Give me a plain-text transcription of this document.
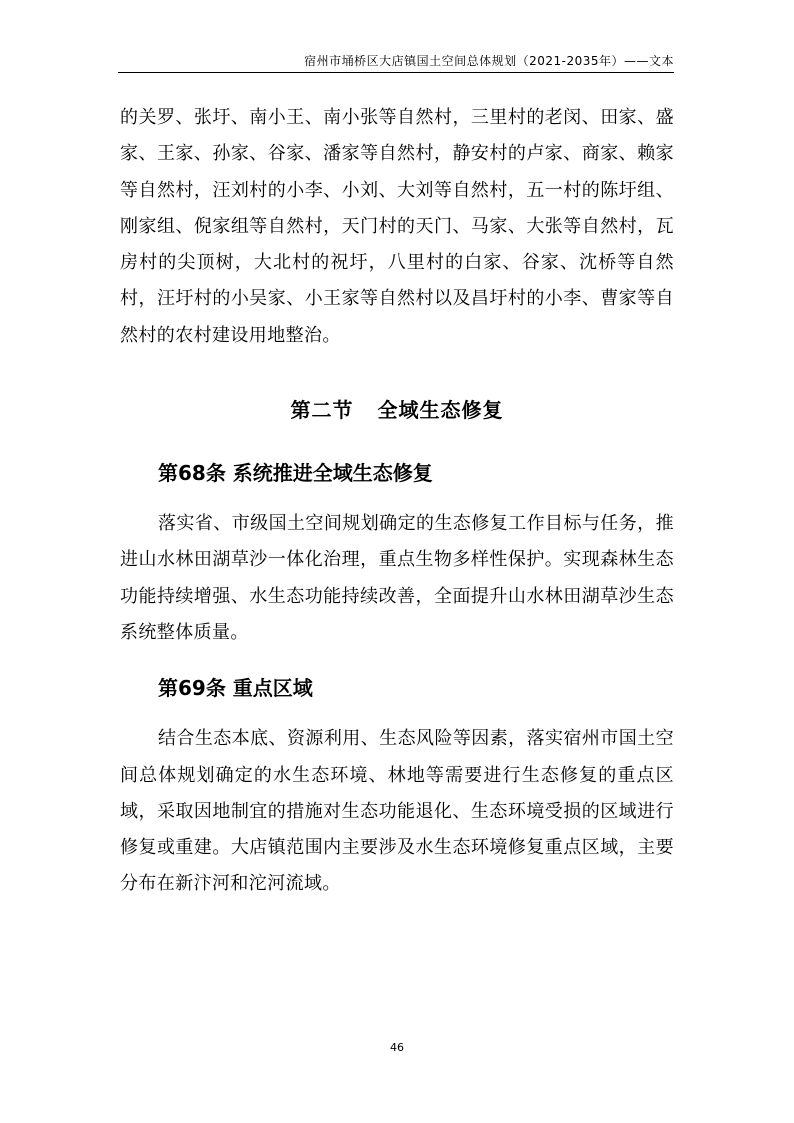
宿州市埇桥区大店镇国土空间总体规划（2021-2035年）——文本

的关罗、张圩、南小王、南小张等自然村，三里村的老闵、田家、盛家、王家、孙家、谷家、潘家等自然村，静安村的卢家、商家、赖家等自然村，汪刘村的小李、小刘、大刘等自然村，五一村的陈圩组、刚家组、倪家组等自然村，天门村的天门、马家、大张等自然村，瓦房村的尖顶树，大北村的祝圩，八里村的白家、谷家、沈桥等自然村，汪圩村的小吴家、小王家等自然村以及昌圩村的小李、曹家等自然村的农村建设用地整治。

第二节 全域生态修复
第68条 系统推进全域生态修复

落实省、市级国土空间规划确定的生态修复工作目标与任务，推进山水林田湖草沙一体化治理，重点生物多样性保护。实现森林生态功能持续增强、水生态功能持续改善，全面提升山水林田湖草沙生态系统整体质量。

第69条 重点区域

结合生态本底、资源利用、生态风险等因素，落实宿州市国土空间总体规划确定的水生态环境、林地等需要进行生态修复的重点区域，采取因地制宜的措施对生态功能退化、生态环境受损的区域进行修复或重建。大店镇范围内主要涉及水生态环境修复重点区域，主要分布在新汴河和沱河流域。

46
